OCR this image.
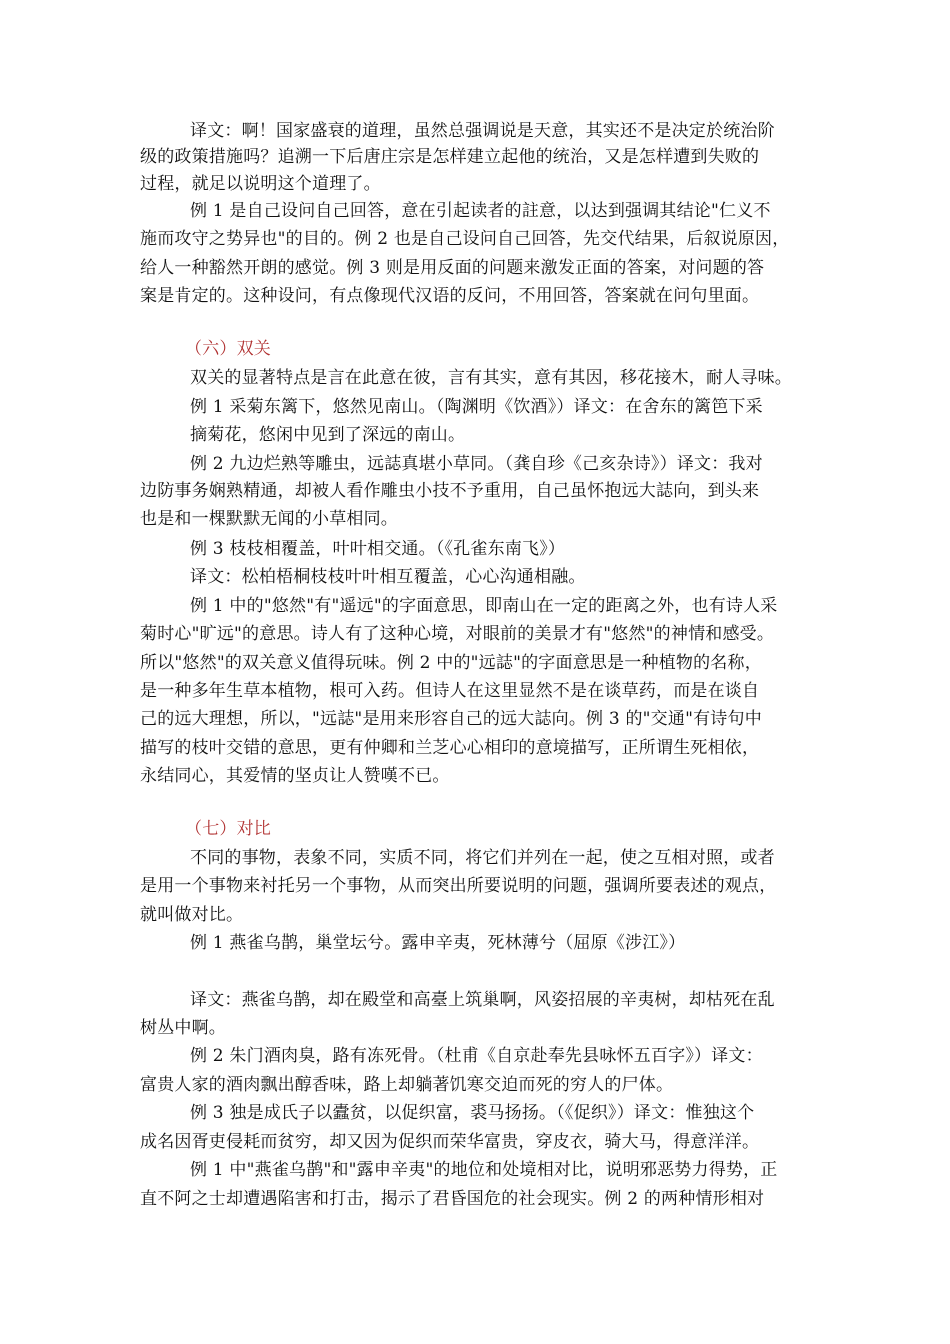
译文：啊！国家盛衰的道理，虽然总强调说是天意，其实还不是决定於统治阶
级的政策措施吗？追溯一下后唐庄宗是怎样建立起他的统治，又是怎样遭到失败的
过程，就足以说明这个道理了。
例 1 是自己设问自己回答，意在引起读者的註意，以达到强调其结论"仁义不
施而攻守之势异也"的目的。例 2 也是自己设问自己回答，先交代结果，后叙说原因，
给人一种豁然开朗的感觉。例 3 则是用反面的问题来激发正面的答案，对问题的答
案是肯定的。这种设问，有点像现代汉语的反问，不用回答，答案就在问句里面。
（六）双关
双关的显著特点是言在此意在彼，言有其实，意有其因，移花接木，耐人寻味。
例 1 采菊东篱下，悠然见南山。（陶渊明《饮酒》）译文：在舍东的篱笆下采
摘菊花，悠闲中见到了深远的南山。
例 2 九边烂熟等雕虫，远誌真堪小草同。（龚自珍《己亥杂诗》）译文：我对
边防事务娴熟精通，却被人看作雕虫小技不予重用，自己虽怀抱远大誌向，到头来
也是和一棵默默无闻的小草相同。
例 3 枝枝相覆盖，叶叶相交通。（《孔雀东南飞》）
译文：松柏梧桐枝枝叶叶相互覆盖，心心沟通相融。
例 1 中的"悠然"有"遥远"的字面意思，即南山在一定的距离之外，也有诗人采
菊时心"旷远"的意思。诗人有了这种心境，对眼前的美景才有"悠然"的神情和感受。
所以"悠然"的双关意义值得玩味。例 2 中的"远誌"的字面意思是一种植物的名称，
是一种多年生草本植物，根可入药。但诗人在这里显然不是在谈草药，而是在谈自
己的远大理想，所以，"远誌"是用来形容自己的远大誌向。例 3 的"交通"有诗句中
描写的枝叶交错的意思，更有仲卿和兰芝心心相印的意境描写，正所谓生死相依，
永结同心，其爱情的坚贞让人赞嘆不已。
（七）对比
不同的事物，表象不同，实质不同，将它们并列在一起，使之互相对照，或者
是用一个事物来衬托另一个事物，从而突出所要说明的问题，强调所要表述的观点，
就叫做对比。
例 1 燕雀乌鹊，巢堂坛兮。露申辛夷，死林薄兮（屈原《涉江》）
译文：燕雀乌鹊，却在殿堂和高臺上筑巢啊，风姿招展的辛夷树，却枯死在乱
树丛中啊。
例 2 朱门酒肉臭，路有冻死骨。（杜甫《自京赴奉先县咏怀五百字》）译文：
富贵人家的酒肉飘出醇香味，路上却躺著饥寒交迫而死的穷人的尸体。
例 3 独是成氏子以蠹贫，以促织富，裘马扬扬。（《促织》）译文：惟独这个
成名因胥吏侵耗而贫穷，却又因为促织而荣华富贵，穿皮衣，骑大马，得意洋洋。
例 1 中"燕雀乌鹊"和"露申辛夷"的地位和处境相对比，说明邪恶势力得势，正
直不阿之士却遭遇陷害和打击，揭示了君昏国危的社会现实。例 2 的两种情形相对
